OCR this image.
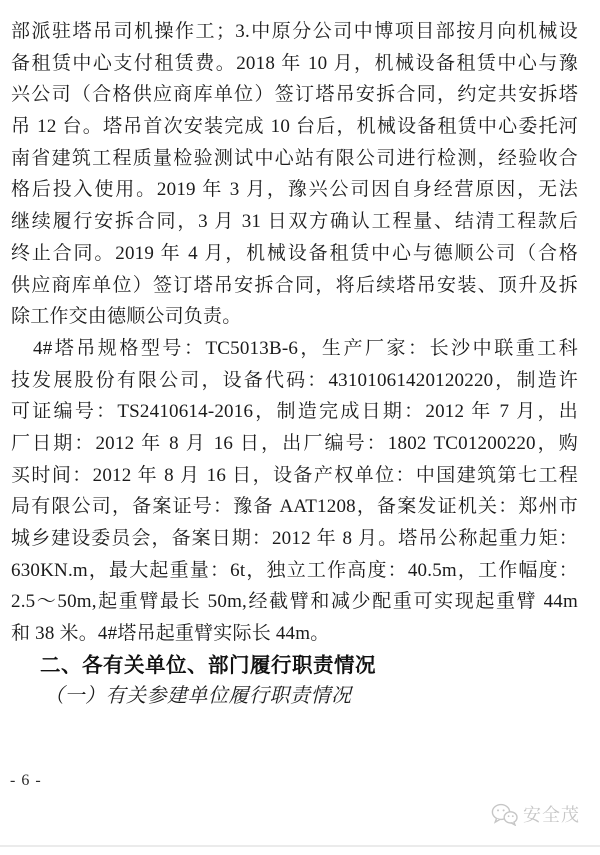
部派驻塔吊司机操作工；3.中原分公司中博项目部按月向机械设
备租赁中心支付租赁费。2018 年 10 月，机械设备租赁中心与豫
兴公司（合格供应商库单位）签订塔吊安拆合同，约定共安拆塔
吊 12 台。塔吊首次安装完成 10 台后，机械设备租赁中心委托河
南省建筑工程质量检验测试中心站有限公司进行检测，经验收合
格后投入使用。2019 年 3 月，豫兴公司因自身经营原因，无法
继续履行安拆合同，3 月 31 日双方确认工程量、结清工程款后
终止合同。2019 年 4 月，机械设备租赁中心与德顺公司（合格
供应商库单位）签订塔吊安拆合同，将后续塔吊安装、顶升及拆
除工作交由德顺公司负责。
4#塔吊规格型号：TC5013B-6，生产厂家：长沙中联重工科
技发展股份有限公司，设备代码：43101061420120220，制造许
可证编号：TS2410614-2016，制造完成日期：2012 年 7 月，出
厂日期：2012 年 8 月 16 日，出厂编号：1802 TC01200220，购
买时间：2012 年 8 月 16 日，设备产权单位：中国建筑第七工程
局有限公司，备案证号：豫备 AAT1208，备案发证机关：郑州市
城乡建设委员会，备案日期：2012 年 8 月。塔吊公称起重力矩：
630KN.m，最大起重量：6t，独立工作高度：40.5m，工作幅度：
2.5～50m,起重臂最长 50m,经截臂和减少配重可实现起重臂 44m
和 38 米。4#塔吊起重臂实际长 44m。
二、各有关单位、部门履行职责情况
（一）有关参建单位履行职责情况
- 6 -
安全茂
